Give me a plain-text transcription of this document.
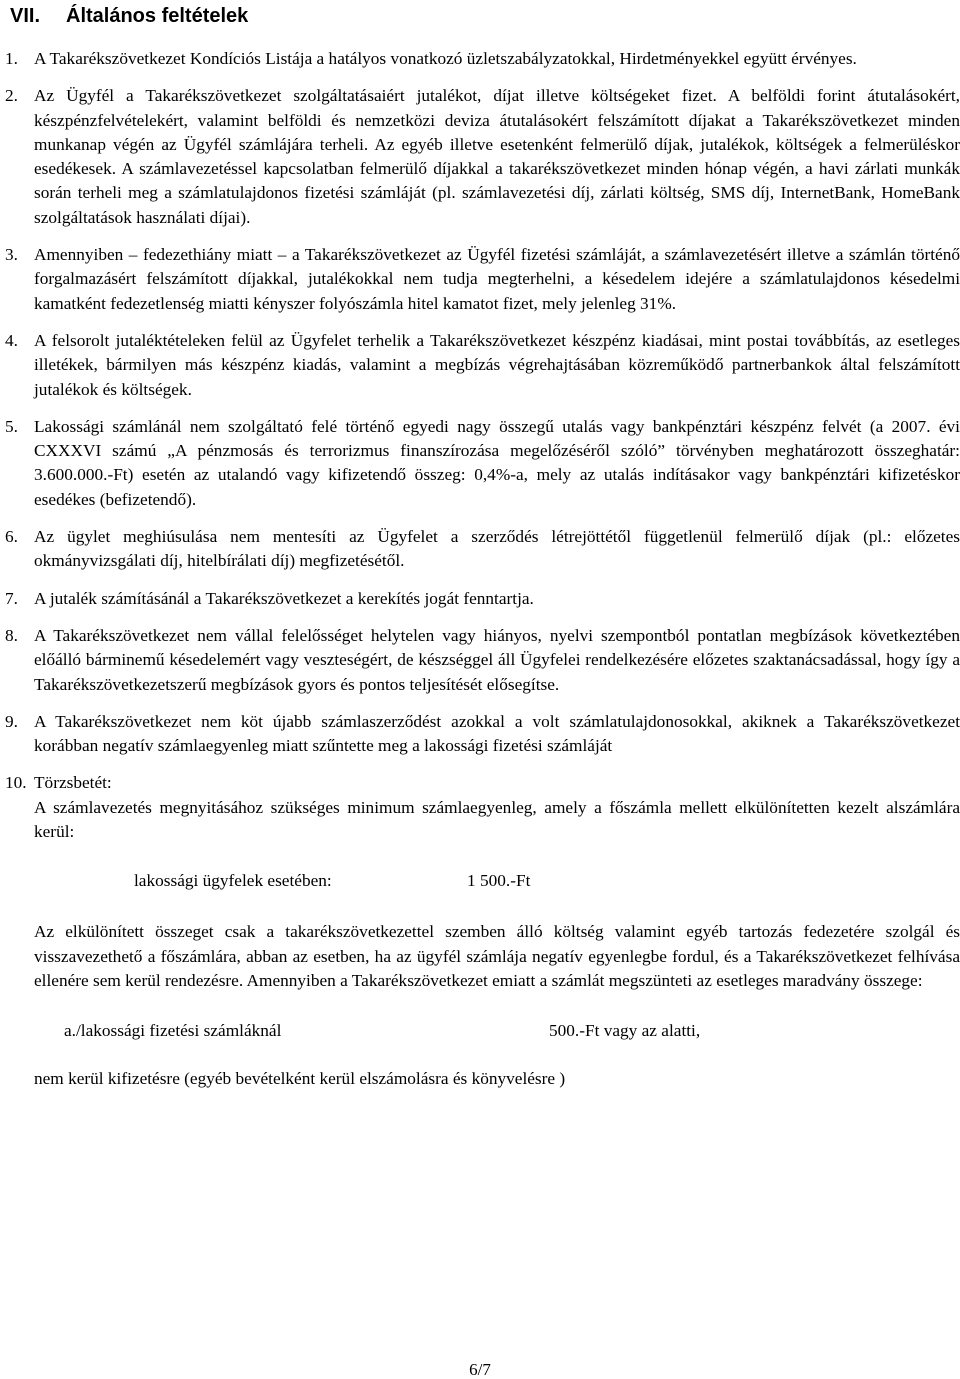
VII. Általános feltételek
1. A Takarékszövetkezet Kondíciós Listája a hatályos vonatkozó üzletszabályzatokkal, Hirdetményekkel együtt érvényes.

2. Az Ügyfél a Takarékszövetkezet szolgáltatásaiért jutalékot, díjat illetve költségeket fizet. A belföldi forint átutalásokért, készpénzfelvételekért, valamint belföldi és nemzetközi deviza átutalásokért felszámított díjakat a Takarékszövetkezet minden munkanap végén az Ügyfél számlájára terheli. Az egyéb illetve esetenként felmerülő díjak, jutalékok, költségek a felmerüléskor esedékesek. A számlavezetéssel kapcsolatban felmerülő díjakkal a takarékszövetkezet minden hónap végén, a havi zárlati munkák során terheli meg a számlatulajdonos fizetési számláját (pl. számlavezetési díj, zárlati költség, SMS díj, InternetBank, HomeBank szolgáltatások használati díjai).

3. Amennyiben – fedezethiány miatt – a Takarékszövetkezet az Ügyfél fizetési számláját, a számlavezetésért illetve a számlán történő forgalmazásért felszámított díjakkal, jutalékokkal nem tudja megterhelni, a késedelem idejére a számlatulajdonos késedelmi kamatként fedezetlenség miatti kényszer folyószámla hitel kamatot fizet, mely jelenleg 31%.

4. A felsorolt jutaléktételeken felül az Ügyfelet terhelik a Takarékszövetkezet készpénz kiadásai, mint postai továbbítás, az esetleges illetékek, bármilyen más készpénz kiadás, valamint a megbízás végrehajtásában közreműködő partnerbankok által felszámított jutalékok és költségek.

5. Lakossági számlánál nem szolgáltató felé történő egyedi nagy összegű utalás vagy bankpénztári készpénz felvét (a 2007. évi CXXXVI számú „A pénzmosás és terrorizmus finanszírozása megelőzéséről szóló” törvényben meghatározott összeghatár: 3.600.000.-Ft) esetén az utalandó vagy kifizetendő összeg: 0,4%-a, mely az utalás indításakor vagy bankpénztári kifizetéskor esedékes (befizetendő).

6. Az ügylet meghiúsulása nem mentesíti az Ügyfelet a szerződés létrejöttétől függetlenül felmerülő díjak (pl.: előzetes okmányvizsgálati díj, hitelbírálati díj) megfizetésétől.

7. A jutalék számításánál a Takarékszövetkezet a kerekítés jogát fenntartja.

8. A Takarékszövetkezet nem vállal felelősséget helytelen vagy hiányos, nyelvi szempontból pontatlan megbízások következtében előálló bárminemű késedelemért vagy veszteségért, de készséggel áll Ügyfelei rendelkezésére előzetes szaktanácsadással, hogy így a Takarékszövetkezetszerű megbízások gyors és pontos teljesítését elősegítse.

9. A Takarékszövetkezet nem köt újabb számlaszerződést azokkal a volt számlatulajdonosokkal, akiknek a Takarékszövetkezet korábban negatív számlaegyenleg miatt szűntette meg a lakossági fizetési számláját

10. Törzsbetét:

A számlavezetés megnyitásához szükséges minimum számlaegyenleg, amely a főszámla mellett elkülönítetten kezelt alszámlára kerül:

lakossági ügyfelek esetében:	1 500.-Ft

Az elkülönített összeget csak a takarékszövetkezettel szemben álló költség valamint egyéb tartozás fedezetére szolgál és visszavezethető a főszámlára, abban az esetben, ha az ügyfél számlája negatív egyenlegbe fordul, és a Takarékszövetkezet felhívása ellenére sem kerül rendezésre. Amennyiben a Takarékszövetkezet emiatt a számlát megszünteti az esetleges maradvány összege:

a./lakossági fizetési számláknál	500.-Ft vagy az alatti,

nem kerül kifizetésre (egyéb bevételként kerül elszámolásra és könyvelésre )

6/7
